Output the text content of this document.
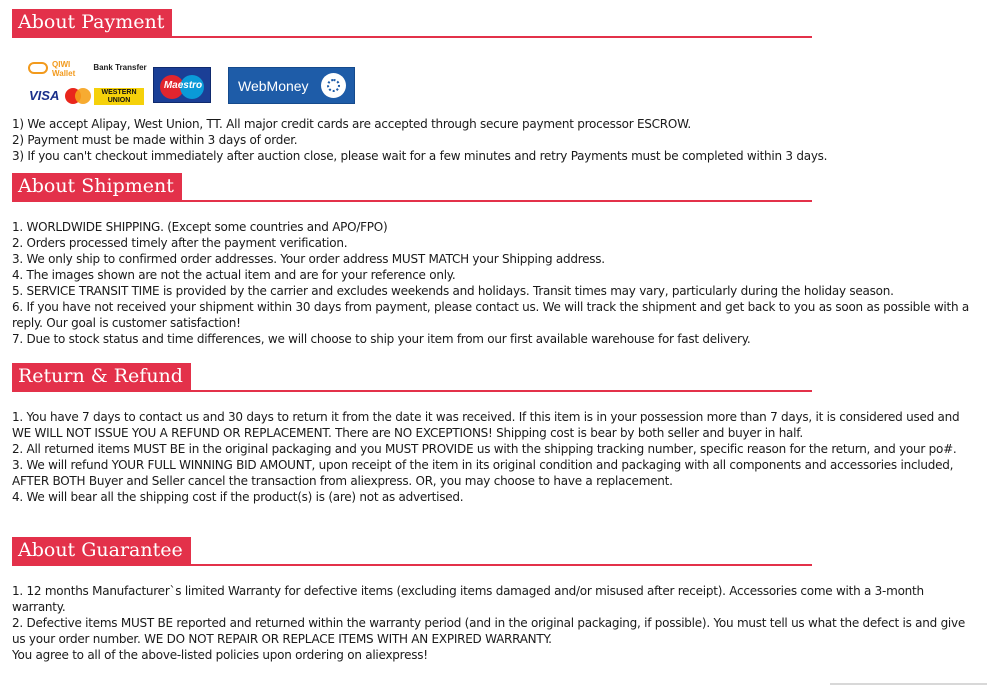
About Payment
QIWI Wallet
Bank Transfer
VISA	WESTERN UNION
Maestro	WebMoney

1) We accept Alipay, West Union, TT. All major credit cards are accepted through secure payment processor ESCROW.

2) Payment must be made within 3 days of order.

3) If you can't checkout immediately after auction close, please wait for a few minutes and retry Payments must be completed within 3 days.

About Shipment

1. WORLDWIDE SHIPPING. (Except some countries and APO/FPO)

2. Orders processed timely after the payment verification.

3. We only ship to confirmed order addresses. Your order address MUST MATCH your Shipping address.

4. The images shown are not the actual item and are for your reference only.

5. SERVICE TRANSIT TIME is provided by the carrier and excludes weekends and holidays. Transit times may vary, particularly during the holiday season.

6. If you have not received your shipment within 30 days from payment, please contact us. We will track the shipment and get back to you as soon as possible with a reply. Our goal is customer satisfaction!

7. Due to stock status and time differences, we will choose to ship your item from our first available warehouse for fast delivery.

Return & Refund

1. You have 7 days to contact us and 30 days to return it from the date it was received. If this item is in your possession more than 7 days, it is considered used and WE WILL NOT ISSUE YOU A REFUND OR REPLACEMENT. There are NO EXCEPTIONS! Shipping cost is bear by both seller and buyer in half.

2. All returned items MUST BE in the original packaging and you MUST PROVIDE us with the shipping tracking number, specific reason for the return, and your po#.

3. We will refund YOUR FULL WINNING BID AMOUNT, upon receipt of the item in its original condition and packaging with all components and accessories included, AFTER BOTH Buyer and Seller cancel the transaction from aliexpress. OR, you may choose to have a replacement.

4. We will bear all the shipping cost if the product(s) is (are) not as advertised.

About Guarantee

1. 12 months Manufacturer`s limited Warranty for defective items (excluding items damaged and/or misused after receipt). Accessories come with a 3-month warranty.

2. Defective items MUST BE reported and returned within the warranty period (and in the original packaging, if possible). You must tell us what the defect is and give us your order number. WE DO NOT REPAIR OR REPLACE ITEMS WITH AN EXPIRED WARRANTY.

You agree to all of the above-listed policies upon ordering on aliexpress!
